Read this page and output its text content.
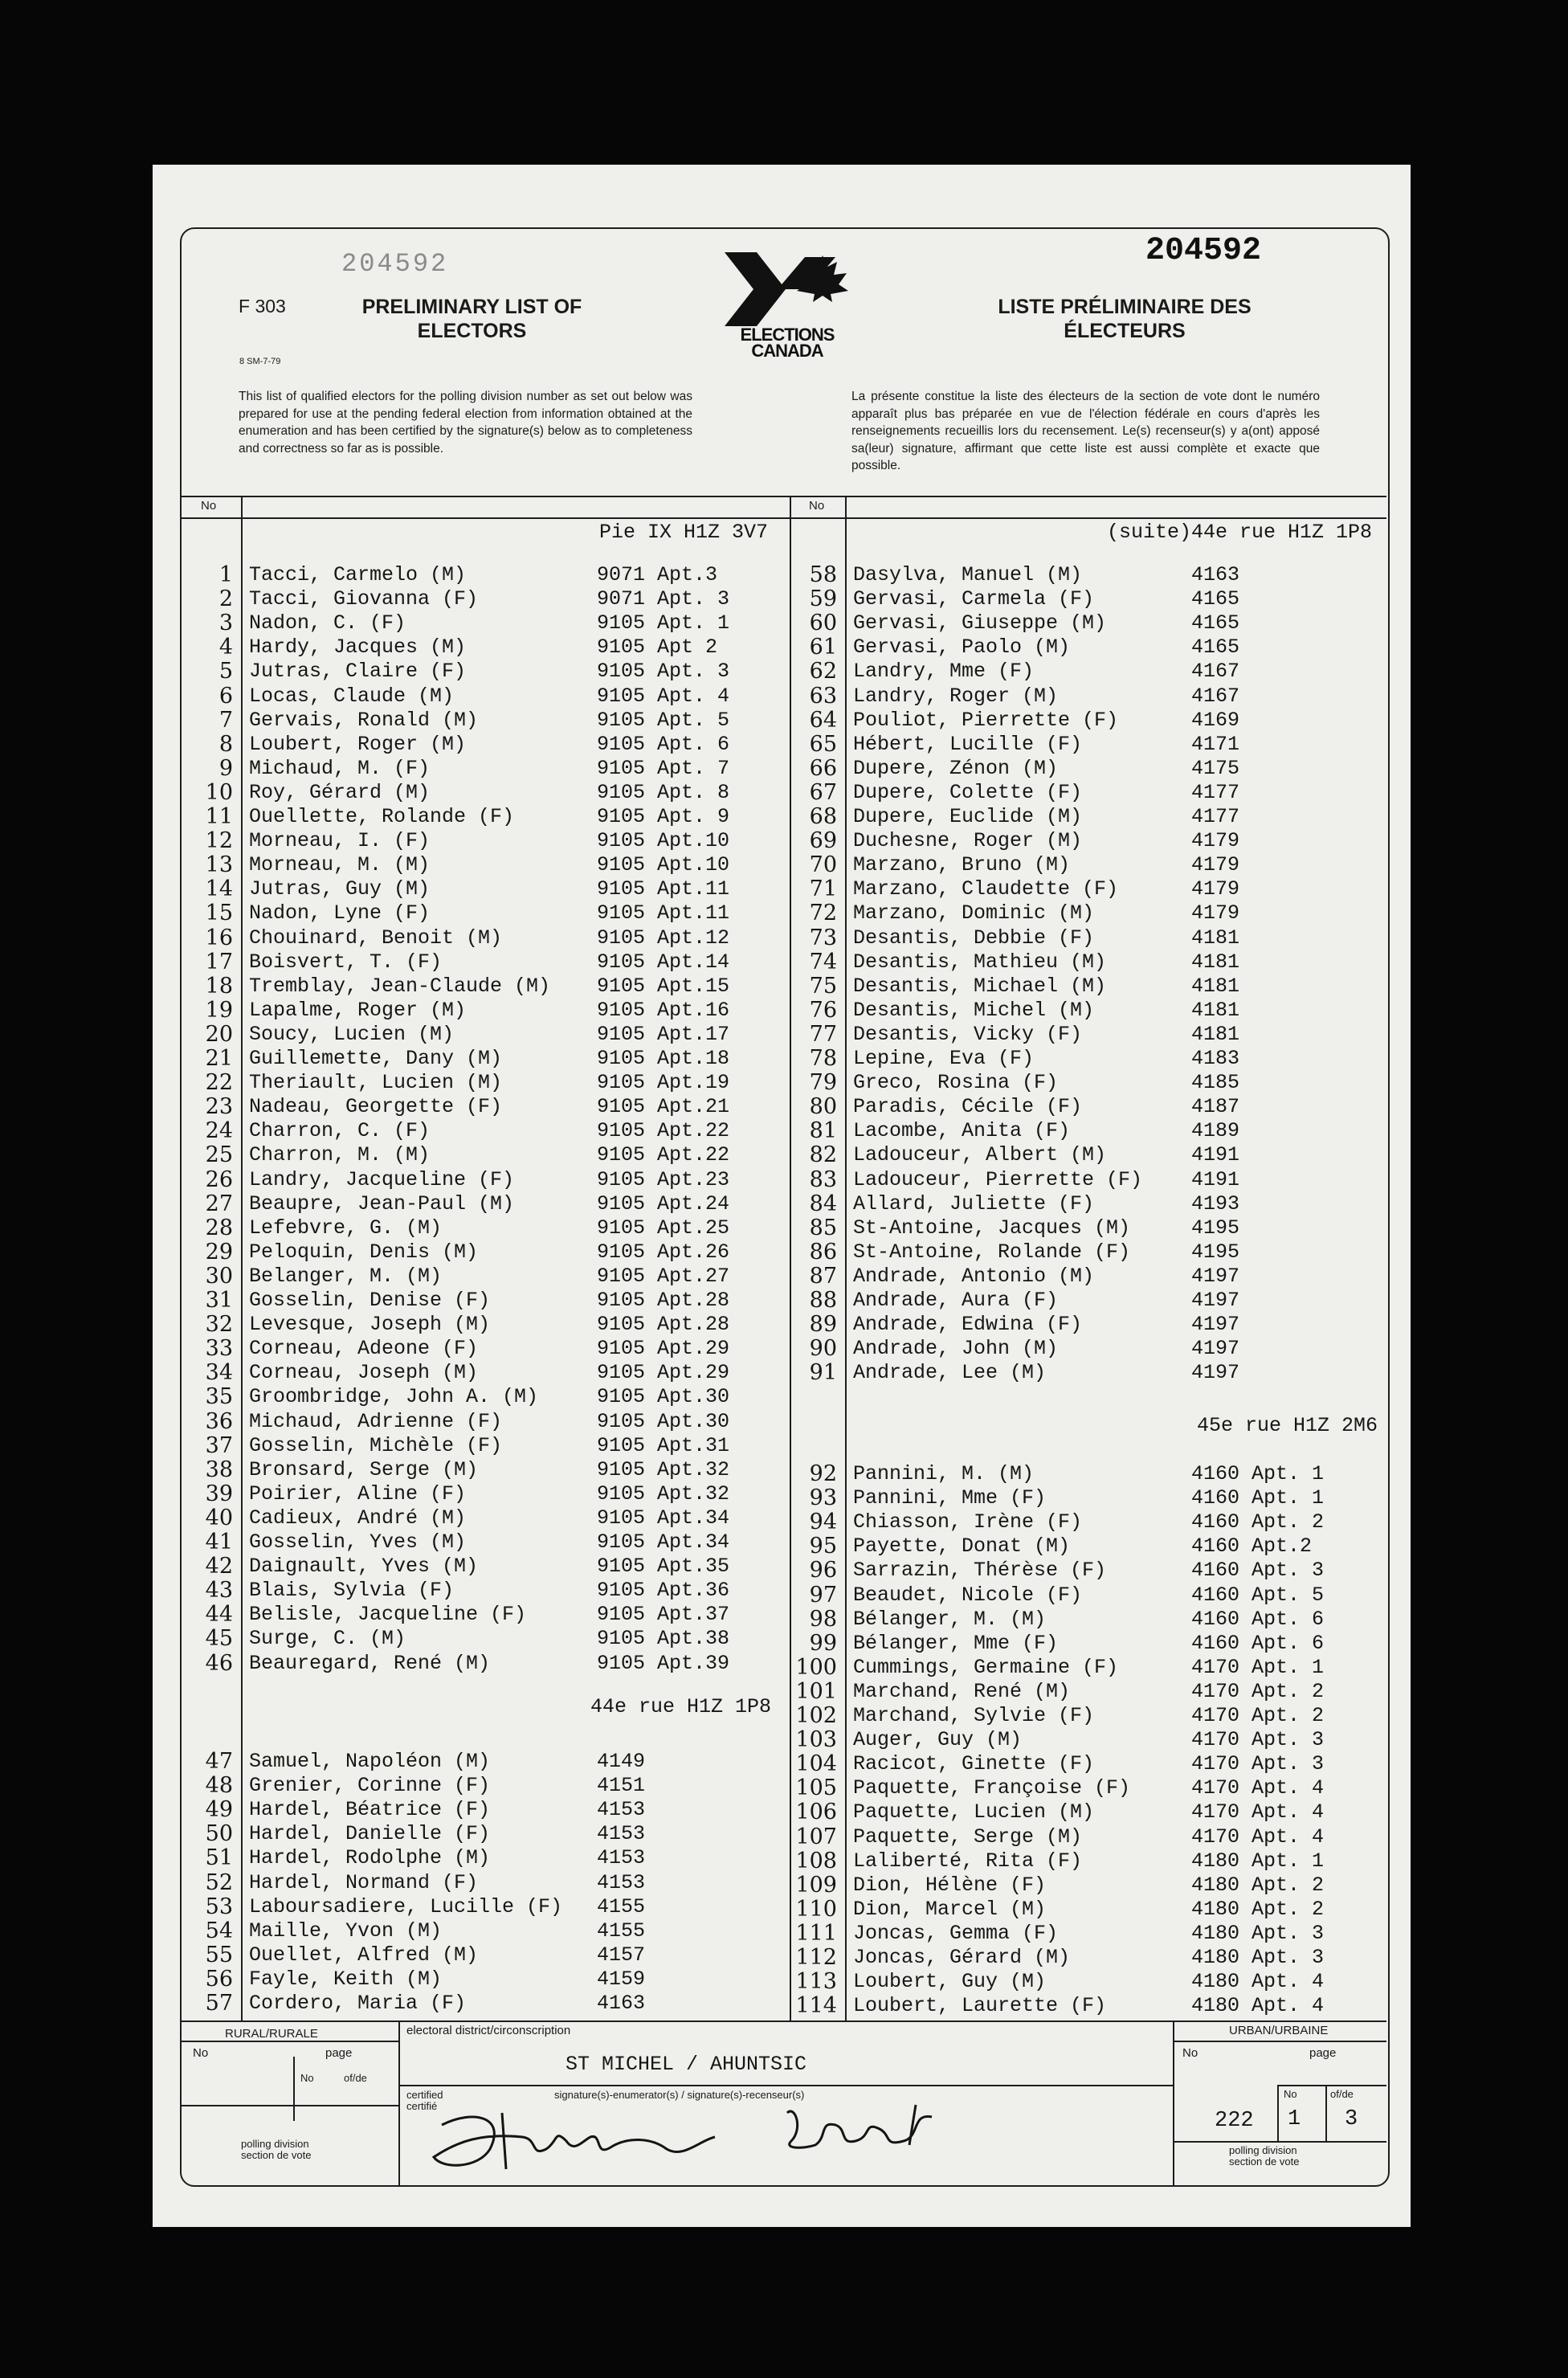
204592
F 303
8 SM-7-79
PRELIMINARY LIST OF
ELECTORS	ELECTIONS
CANADA
204592
LISTE PRÉLIMINAIRE DES
ÉLECTEURS
This list of qualified electors for the polling division number as set out below was prepared for use at the pending federal election from information obtained at the enumeration and has been certified by the signature(s) below as to completeness and correctness so far as is possible.
La présente constitue la liste des électeurs de la section de vote dont le numéro apparaît plus bas préparée en vue de l'élection fédérale en cours d'après les renseignements recueillis lors du recensement. Le(s) recenseur(s) y a(ont) apposé sa(leur) signature, affirmant que cette liste est aussi complète et exacte que possible.
No	No
Pie IX H1Z 3V7
44e rue H1Z 1P8
(suite)44e rue H1Z 1P8
45e rue H1Z 2M6
1 Tacci, Carmelo (M)	9071 Apt.3
2 Tacci, Giovanna (F)	9071 Apt. 3
3 Nadon, C. (F)	9105 Apt. 1
4 Hardy, Jacques (M)	9105 Apt 2
5 Jutras, Claire (F)	9105 Apt. 3
6 Locas, Claude (M)	9105 Apt. 4
7 Gervais, Ronald (M)	9105 Apt. 5
8 Loubert, Roger (M)	9105 Apt. 6
9 Michaud, M. (F)	9105 Apt. 7
10 Roy, Gérard (M)	9105 Apt. 8
11 Ouellette, Rolande (F)	9105 Apt. 9
12 Morneau, I. (F)	9105 Apt.10
13 Morneau, M. (M)	9105 Apt.10
14 Jutras, Guy (M)	9105 Apt.11
15 Nadon, Lyne (F)	9105 Apt.11
16 Chouinard, Benoit (M)	9105 Apt.12
17 Boisvert, T. (F)	9105 Apt.14
18 Tremblay, Jean-Claude (M) 9105 Apt.15
19 Lapalme, Roger (M)	9105 Apt.16
20 Soucy, Lucien (M)	9105 Apt.17
21 Guillemette, Dany (M)	9105 Apt.18
22 Theriault, Lucien (M)	9105 Apt.19
23 Nadeau, Georgette (F)	9105 Apt.21
24 Charron, C. (F)	9105 Apt.22
25 Charron, M. (M)	9105 Apt.22
26 Landry, Jacqueline (F)	9105 Apt.23
27 Beaupre, Jean-Paul (M)	9105 Apt.24
28 Lefebvre, G. (M)	9105 Apt.25
29 Peloquin, Denis (M)	9105 Apt.26
30 Belanger, M. (M)	9105 Apt.27
31 Gosselin, Denise (F)	9105 Apt.28
32 Levesque, Joseph (M)	9105 Apt.28
33 Corneau, Adeone (F)	9105 Apt.29
34 Corneau, Joseph (M)	9105 Apt.29
35 Groombridge, John A. (M)	9105 Apt.30
36 Michaud, Adrienne (F)	9105 Apt.30
37 Gosselin, Michèle (F)	9105 Apt.31
38 Bronsard, Serge (M)	9105 Apt.32
39 Poirier, Aline (F)	9105 Apt.32
40 Cadieux, André (M)	9105 Apt.34
41 Gosselin, Yves (M)	9105 Apt.34
42 Daignault, Yves (M)	9105 Apt.35
43 Blais, Sylvia (F)	9105 Apt.36
44 Belisle, Jacqueline (F)	9105 Apt.37
45 Surge, C. (M)	9105 Apt.38
46 Beauregard, René (M)	9105 Apt.39
47 Samuel, Napoléon (M)	4149
48 Grenier, Corinne (F)	4151
49 Hardel, Béatrice (F)	4153
50 Hardel, Danielle (F)	4153
51 Hardel, Rodolphe (M)	4153
52 Hardel, Normand (F)	4153
53 Laboursadiere, Lucille (F) 4155
54 Maille, Yvon (M)	4155
55 Ouellet, Alfred (M)	4157
56 Fayle, Keith (M)	4159
57 Cordero, Maria (F)	4163
58 Dasylva, Manuel (M)	4163
59 Gervasi, Carmela (F)	4165
60 Gervasi, Giuseppe (M)	4165
61 Gervasi, Paolo (M)	4165
62 Landry, Mme (F)	4167
63 Landry, Roger (M)	4167
64 Pouliot, Pierrette (F)	4169
65 Hébert, Lucille (F)	4171
66 Dupere, Zénon (M)	4175
67 Dupere, Colette (F)	4177
68 Dupere, Euclide (M)	4177
69 Duchesne, Roger (M)	4179
70 Marzano, Bruno (M)	4179
71 Marzano, Claudette (F)	4179
72 Marzano, Dominic (M)	4179
73 Desantis, Debbie (F)	4181
74 Desantis, Mathieu (M)	4181
75 Desantis, Michael (M)	4181
76 Desantis, Michel (M)	4181
77 Desantis, Vicky (F)	4181
78 Lepine, Eva (F)	4183
79 Greco, Rosina (F)	4185
80 Paradis, Cécile (F)	4187
81 Lacombe, Anita (F)	4189
82 Ladouceur, Albert (M)	4191
83 Ladouceur, Pierrette (F) 4191
84 Allard, Juliette (F)	4193
85 St-Antoine, Jacques (M)	4195
86 St-Antoine, Rolande (F)	4195
87 Andrade, Antonio (M)	4197
88 Andrade, Aura (F)	4197
89 Andrade, Edwina (F)	4197
90 Andrade, John (M)	4197
91 Andrade, Lee (M)	4197
92 Pannini, M. (M)	4160 Apt. 1
93 Pannini, Mme (F)	4160 Apt. 1
94 Chiasson, Irène (F)	4160 Apt. 2
95 Payette, Donat (M)	4160 Apt.2
96 Sarrazin, Thérèse (F)	4160 Apt. 3
97 Beaudet, Nicole (F)	4160 Apt. 5
98 Bélanger, M. (M)	4160 Apt. 6
99 Bélanger, Mme (F)	4160 Apt. 6
100 Cummings, Germaine (F)	4170 Apt. 1
101 Marchand, René (M)	4170 Apt. 2
102 Marchand, Sylvie (F)	4170 Apt. 2
103 Auger, Guy (M)	4170 Apt. 3
104 Racicot, Ginette (F)	4170 Apt. 3
105 Paquette, Françoise (F)	4170 Apt. 4
106 Paquette, Lucien (M)	4170 Apt. 4
107 Paquette, Serge (M)	4170 Apt. 4
108 Laliberté, Rita (F)	4180 Apt. 1
109 Dion, Hélène (F)	4180 Apt. 2
110 Dion, Marcel (M)	4180 Apt. 2
111 Joncas, Gemma (F)	4180 Apt. 3
112 Joncas, Gérard (M)	4180 Apt. 3
113 Loubert, Guy (M)	4180 Apt. 4
114 Loubert, Laurette (F)	4180 Apt. 4
RURAL/RURALE
No	page
No	of/de
polling division
section de vote
electoral district/circonscription
ST MICHEL / AHUNTSIC
certified
certifié
signature(s)-enumerator(s) / signature(s)-recenseur(s)
URBAN/URBAINE
No	page
222
No	of/de
1 3
polling division
section de vote
